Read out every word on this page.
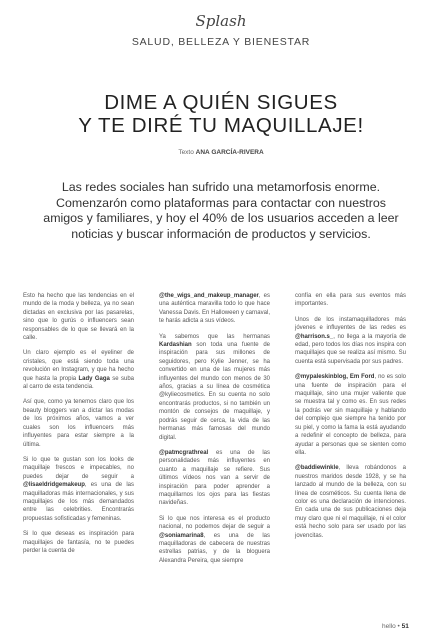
Splash
SALUD, BELLEZA Y BIENESTAR
DIME A QUIÉN SIGUES
Y TE DIRÉ TU MAQUILLAJE!
Texto ANA GARCÍA-RIVERA
Las redes sociales han sufrido una metamorfosis enorme. Comenzarón como plataformas para contactar con nuestros amigos y familiares, y hoy el 40% de los usuarios acceden a leer noticias y buscar información de productos y servicios.

Esto ha hecho que las tendencias en el mundo de la moda y belleza, ya no sean dictadas en exclusiva por las pasarelas, sino que lo gurús o influencers sean responsables de lo que se llevará en la calle.

Un claro ejemplo es el eyeliner de cristales, que está siendo toda una revolución en Instagram, y que ha hecho que hasta la propia Lady Gaga se suba al carro de esta tendencia.

Así que, como ya tenemos claro que los beauty bloggers van a dictar las modas de los próximos años, vamos a ver cuales son los influencers más influyentes para estar siempre a la última.

Si lo que te gustan son los looks de maquillaje frescos e impecables, no puedes dejar de seguir a @lisaeldridgemakeup, es una de las maquilladoras más internacionales, y sus maquillajes de los más demandados entre las celebrities. Encontrarás propuestas sofisticadas y femeninas.

Si lo que deseas es inspiración para maquillajes de fantasía, no te puedes perder la cuenta de

@the_wigs_and_makeup_manager, es una auténtica maravilla todo lo que hace Vanessa Davis. En Halloween y carnaval, te harás adicta a sus vídeos.

Ya sabemos que las hermanas Kardashian son toda una fuente de inspiración para sus millones de seguidores, pero Kylie Jenner, se ha convertido en una de las mujeres más influyentes del mundo con menos de 30 años, gracias a su línea de cosmética @kyliecosmetics. En su cuenta no solo encontrarás productos, si no también un montón de consejos de maquillaje, y podrás seguir de cerca, la vida de las hermanas más famosas del mundo digital.

@patmcgrathreal es una de las personalidades más influyentes en cuanto a maquillaje se refiere. Sus últimos vídeos nos van a servir de inspiración para poder aprender a maquillarnos los ojos para las fiestas navideñas.

Si lo que nos interesa es el producto nacional, no podemos dejar de seguir a @soniamarina8, es una de las maquilladoras de cabecera de nuestras estrellas patrias, y de la bloguera Alexandra Pereira, que siempre

confía en ella para sus eventos más importantes.

Unos de los instamaquilladores más jóvenes e influyentes de las redes es @harrison.s_, no llega a la mayoría de edad, pero todos los días nos inspira con maquillajes que se realiza así mismo. Su cuenta está supervisada por sus padres.

@mypaleskinblog, Em Ford, no es solo una fuente de inspiración para el maquillaje, sino una mujer valiente que se muestra tal y como es. En sus redes la podrás ver sin maquillaje y hablando del complejo que siempre ha tenido por su piel, y como la fama la está ayudando a redefinir el concepto de belleza, para ayudar a personas que se sienten como ella.

@baddiewinkle, lleva robándonos a nuestros maridos desde 1928, y se ha lanzado al mundo de la belleza, con su línea de cosméticos. Su cuenta llena de color es una declaración de intenciones. En cada una de sus publicaciones deja muy claro que ni el maquillaje, ni el color está hecho solo para ser usado por las jovencitas.

hello • 51
